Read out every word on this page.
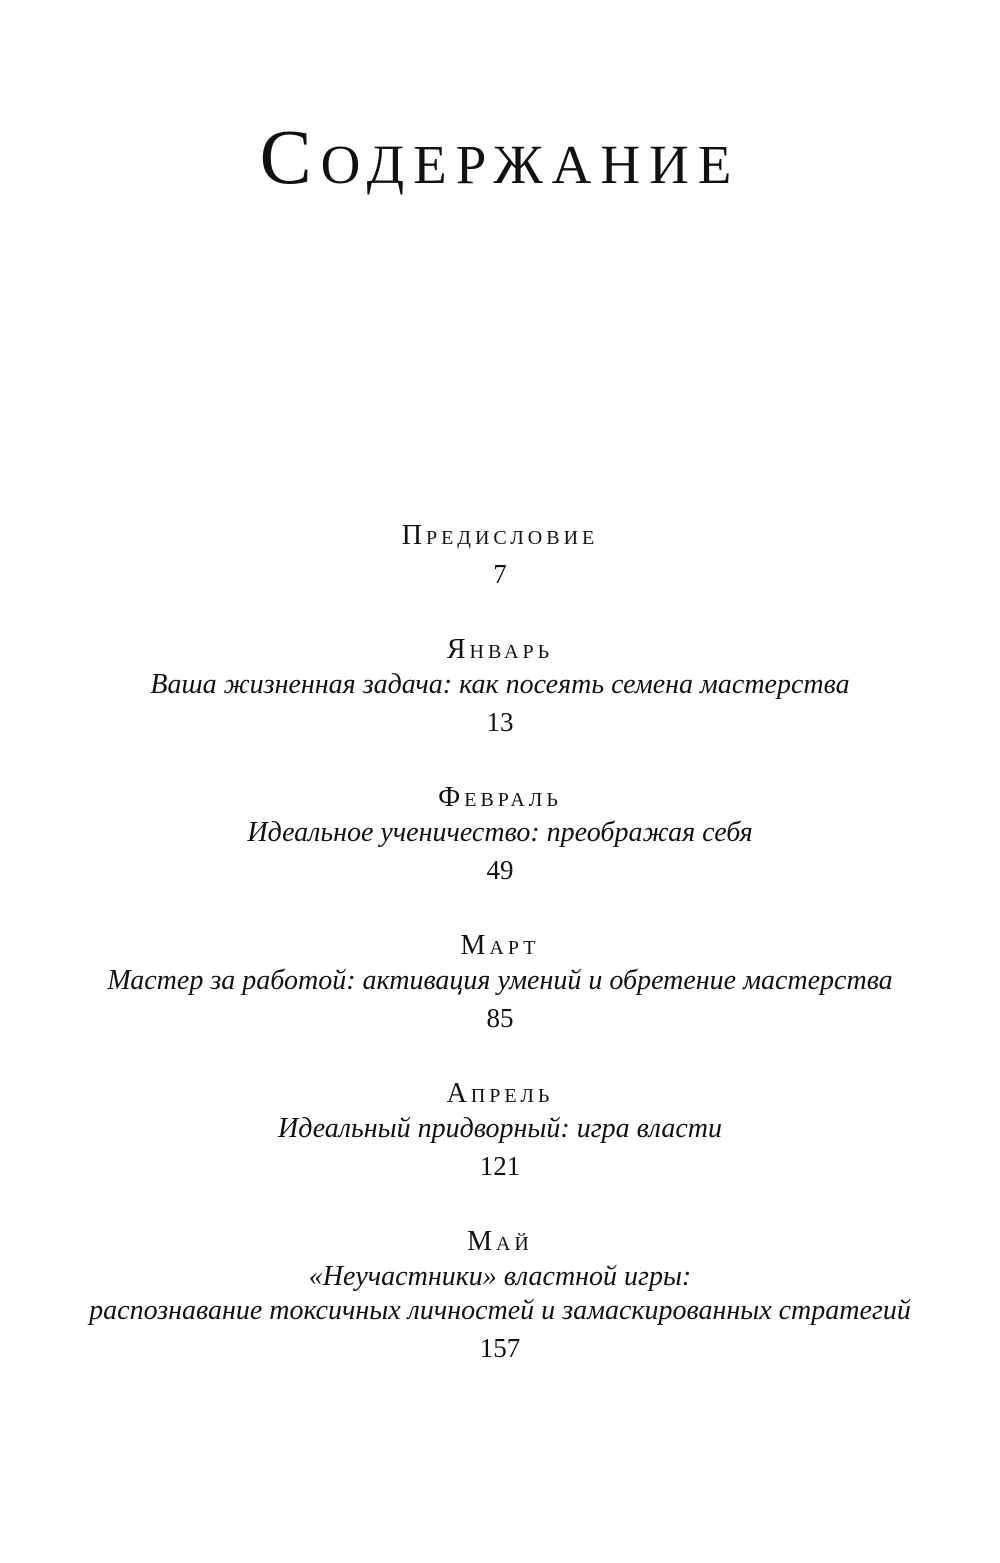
Содержание
Предисловие
7
Январь
Ваша жизненная задача: как посеять семена мастерства
13
Февраль
Идеальное ученичество: преображая себя
49
Март
Мастер за работой: активация умений и обретение мастерства
85
Апрель
Идеальный придворный: игра власти
121
Май
«Неучастники» властной игры:
распознавание токсичных личностей и замаскированных стратегий
157
